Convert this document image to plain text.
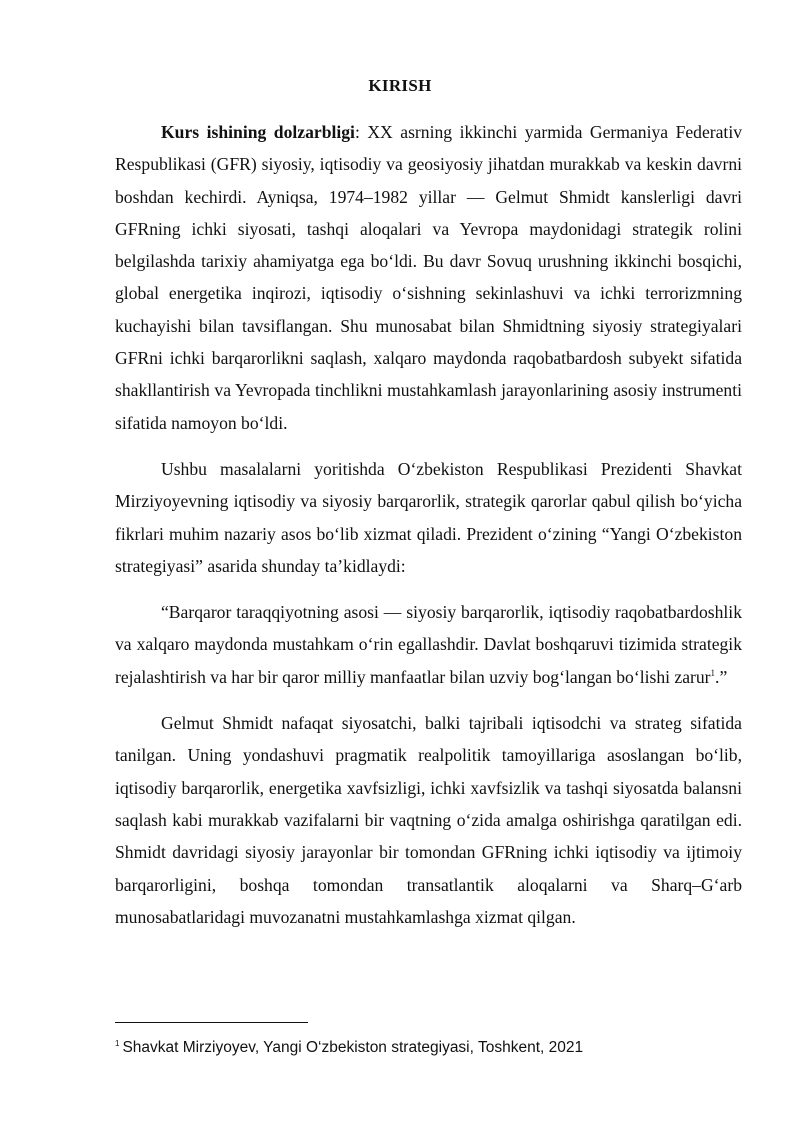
KIRISH

Kurs ishining dolzarbligi: XX asrning ikkinchi yarmida Germaniya Federativ Respublikasi (GFR) siyosiy, iqtisodiy va geosiyosiy jihatdan murakkab va keskin davrni boshdan kechirdi. Ayniqsa, 1974–1982 yillar — Gelmut Shmidt kanslerligi davri GFRning ichki siyosati, tashqi aloqalari va Yevropa maydonidagi strategik rolini belgilashda tarixiy ahamiyatga ega bo‘ldi. Bu davr Sovuq urushning ikkinchi bosqichi, global energetika inqirozi, iqtisodiy o‘sishning sekinlashuvi va ichki terrorizmning kuchayishi bilan tavsiflangan. Shu munosabat bilan Shmidtning siyosiy strategiyalari GFRni ichki barqarorlikni saqlash, xalqaro maydonda raqobatbardosh subyekt sifatida shakllantirish va Yevropada tinchlikni mustahkamlash jarayonlarining asosiy instrumenti sifatida namoyon bo‘ldi.

Ushbu masalalarni yoritishda O‘zbekiston Respublikasi Prezidenti Shavkat Mirziyoyevning iqtisodiy va siyosiy barqarorlik, strategik qarorlar qabul qilish bo‘yicha fikrlari muhim nazariy asos bo‘lib xizmat qiladi. Prezident o‘zining “Yangi O‘zbekiston strategiyasi” asarida shunday ta’kidlaydi:

“Barqaror taraqqiyotning asosi — siyosiy barqarorlik, iqtisodiy raqobatbardoshlik va xalqaro maydonda mustahkam o‘rin egallashdir. Davlat boshqaruvi tizimida strategik rejalashtirish va har bir qaror milliy manfaatlar bilan uzviy bog‘langan bo‘lishi zarur$^1$.”

Gelmut Shmidt nafaqat siyosatchi, balki tajribali iqtisodchi va strateg sifatida tanilgan. Uning yondashuvi pragmatik realpolitik tamoyillariga asoslangan bo‘lib, iqtisodiy barqarorlik, energetika xavfsizligi, ichki xavfsizlik va tashqi siyosatda balansni saqlash kabi murakkab vazifalarni bir vaqtning o‘zida amalga oshirishga qaratilgan edi. Shmidt davridagi siyosiy jarayonlar bir tomondan GFRning ichki iqtisodiy va ijtimoiy barqarorligini, boshqa tomondan transatlantik aloqalarni va Sharq–G‘arb munosabatlaridagi muvozanatni mustahkamlashga xizmat qilgan.

$^1$ Shavkat Mirziyoyev, Yangi O‘zbekiston strategiyasi, Toshkent, 2021
